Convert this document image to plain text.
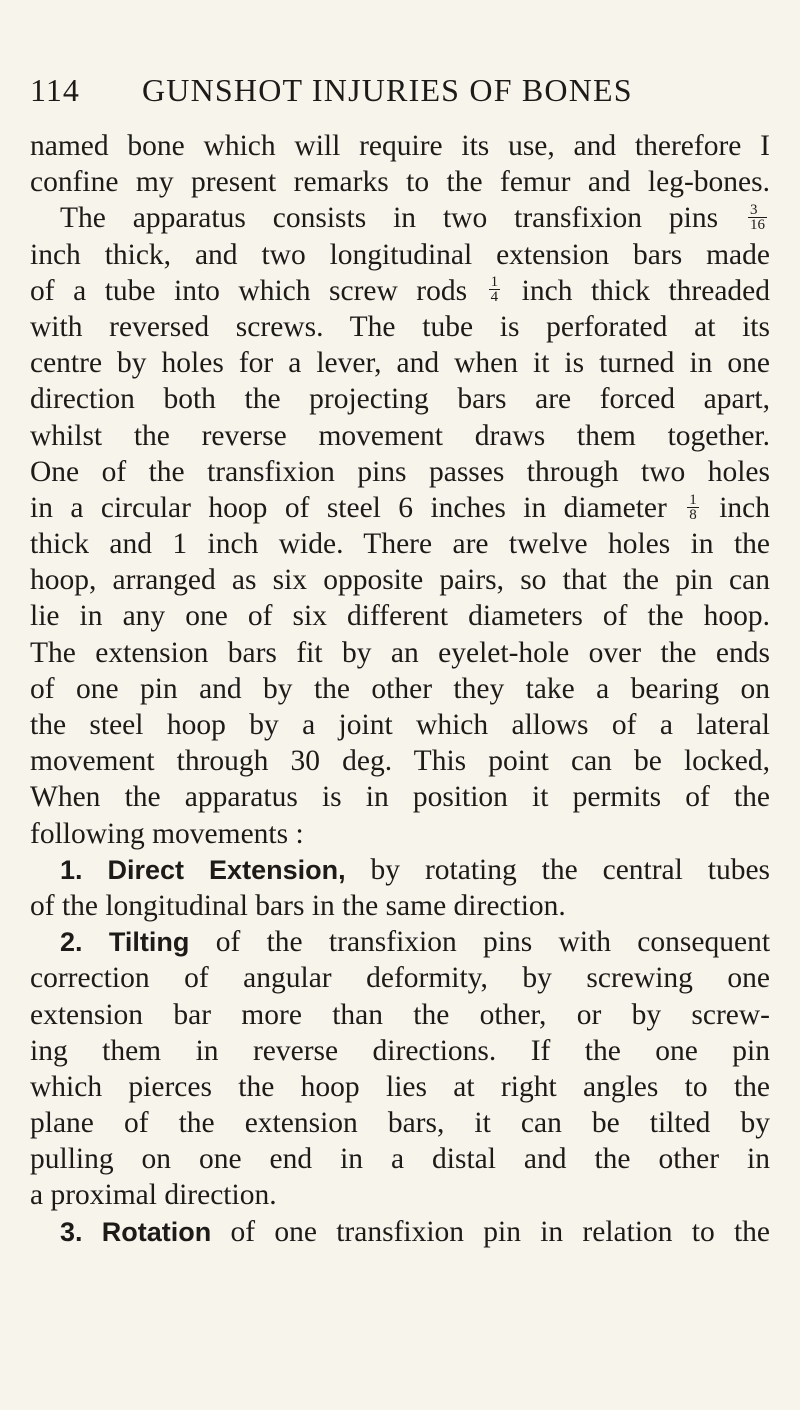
114 GUNSHOT INJURIES OF BONES
named bone which will require its use, and therefore I
confine my present remarks to the femur and leg-bones.
The apparatus consists in two transfixion pins $\frac{3}{16}$
inch thick, and two longitudinal extension bars made
of a tube into which screw rods $\frac{1}{4}$ inch thick threaded
with reversed screws. The tube is perforated at its
centre by holes for a lever, and when it is turned in one
direction both the projecting bars are forced apart,
whilst the reverse movement draws them together.
One of the transfixion pins passes through two holes
in a circular hoop of steel 6 inches in diameter $\frac{1}{8}$ inch
thick and 1 inch wide. There are twelve holes in the
hoop, arranged as six opposite pairs, so that the pin can
lie in any one of six different diameters of the hoop.
The extension bars fit by an eyelet-hole over the ends
of one pin and by the other they take a bearing on
the steel hoop by a joint which allows of a lateral
movement through 30 deg. This point can be locked,
When the apparatus is in position it permits of the
following movements :
1. Direct Extension, by rotating the central tubes
of the longitudinal bars in the same direction.
2. Tilting of the transfixion pins with consequent
correction of angular deformity, by screwing one
extension bar more than the other, or by screw-
ing them in reverse directions. If the one pin
which pierces the hoop lies at right angles to the
plane of the extension bars, it can be tilted by
pulling on one end in a distal and the other in
a proximal direction.
3. Rotation of one transfixion pin in relation to the
